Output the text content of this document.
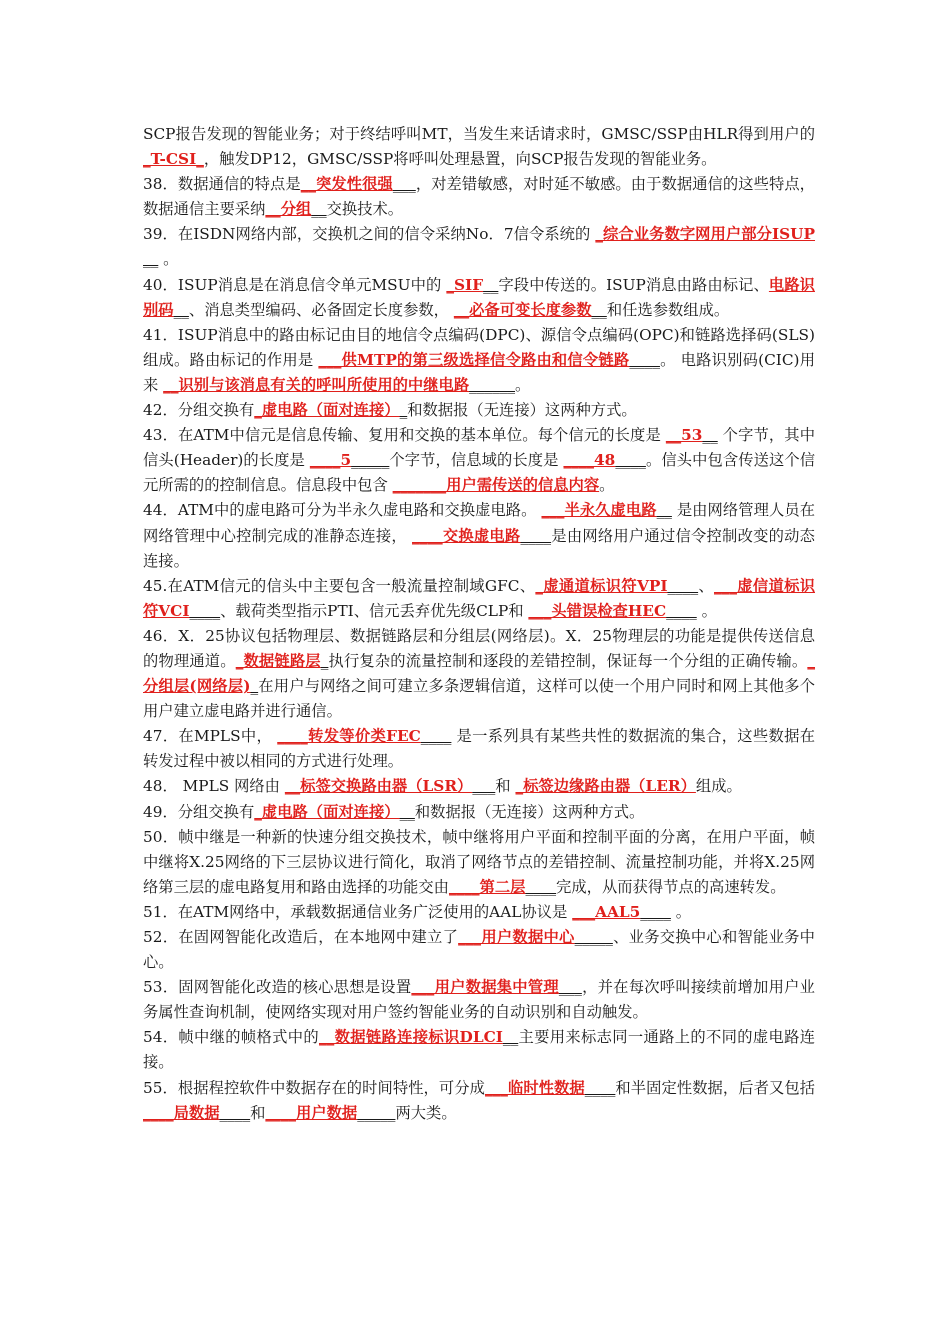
SCP报告发现的智能业务；对于终结呼叫MT，当发生来话请求时，GMSC/SSP由HLR得到用户的_T-CSI_，触发DP12，GMSC/SSP将呼叫处理悬置，向SCP报告发现的智能业务。

38．数据通信的特点是__突发性很强___，对差错敏感，对时延不敏感。由于数据通信的这些特点，数据通信主要采纳__分组__交换技术。

39．在ISDN网络内部，交换机之间的信令采纳No．7信令系统的 _综合业务数字网用户部分ISUP__ 。

40．ISUP消息是在消息信令单元MSU中的 _SIF__字段中传送的。ISUP消息由路由标记、电路识别码__、消息类型编码、必备固定长度参数， __必备可变长度参数__和任选参数组成。

41．ISUP消息中的路由标记由目的地信令点编码(DPC)、源信令点编码(OPC)和链路选择码(SLS)组成。路由标记的作用是 ___供MTP的第三级选择信令路由和信令链路____。 电路识别码(CIC)用来 __识别与该消息有关的呼叫所使用的中继电路______。

42．分组交换有_虚电路（面对连接）_和数据报（无连接）这两种方式。

43．在ATM中信元是信息传输、复用和交换的基本单位。每个信元的长度是 __53__ 个字节，其中信头(Header)的长度是 ____5_____个字节，信息域的长度是 ____48____。信头中包含传送这个信元所需的的控制信息。信息段中包含 _______用户需传送的信息内容。

44．ATM中的虚电路可分为半永久虚电路和交换虚电路。 ___半永久虚电路__ 是由网络管理人员在网络管理中心控制完成的准静态连接， ____交换虚电路____是由网络用户通过信令控制改变的动态连接。

45.在ATM信元的信头中主要包含一般流量控制域GFC、_虚通道标识符VPI____、___虚信道标识符VCI____、载荷类型指示PTI、信元丢弃优先级CLP和 ___头错误检查HEC____ 。

46．X．25协议包括物理层、数据链路层和分组层(网络层)。X．25物理层的功能是提供传送信息的物理通道。_数据链路层_执行复杂的流量控制和逐段的差错控制，保证每一个分组的正确传输。_分组层(网络层)_在用户与网络之间可建立多条逻辑信道，这样可以使一个用户同时和网上其他多个用户建立虚电路并进行通信。

47．在MPLS中， ____转发等价类FEC____ 是一系列具有某些共性的数据流的集合，这些数据在转发过程中被以相同的方式进行处理。

48． MPLS 网络由 __标签交换路由器（LSR）___和 _标签边缘路由器（LER）组成。

49．分组交换有_虚电路（面对连接）__和数据报（无连接）这两种方式。

50．帧中继是一种新的快速分组交换技术，帧中继将用户平面和控制平面的分离，在用户平面，帧中继将X.25网络的下三层协议进行简化，取消了网络节点的差错控制、流量控制功能，并将X.25网络第三层的虚电路复用和路由选择的功能交由____第二层____完成，从而获得节点的高速转发。

51．在ATM网络中，承载数据通信业务广泛使用的AAL协议是 ___AAL5____ 。

52．在固网智能化改造后，在本地网中建立了___用户数据中心_____、业务交换中心和智能业务中心。

53．固网智能化改造的核心思想是设置___用户数据集中管理___，并在每次呼叫接续前增加用户业务属性查询机制，使网络实现对用户签约智能业务的自动识别和自动触发。

54．帧中继的帧格式中的__数据链路连接标识DLCI__主要用来标志同一通路上的不同的虚电路连接。

55．根据程控软件中数据存在的时间特性，可分成___临时性数据____和半固定性数据，后者又包括____局数据____和____用户数据_____两大类。
